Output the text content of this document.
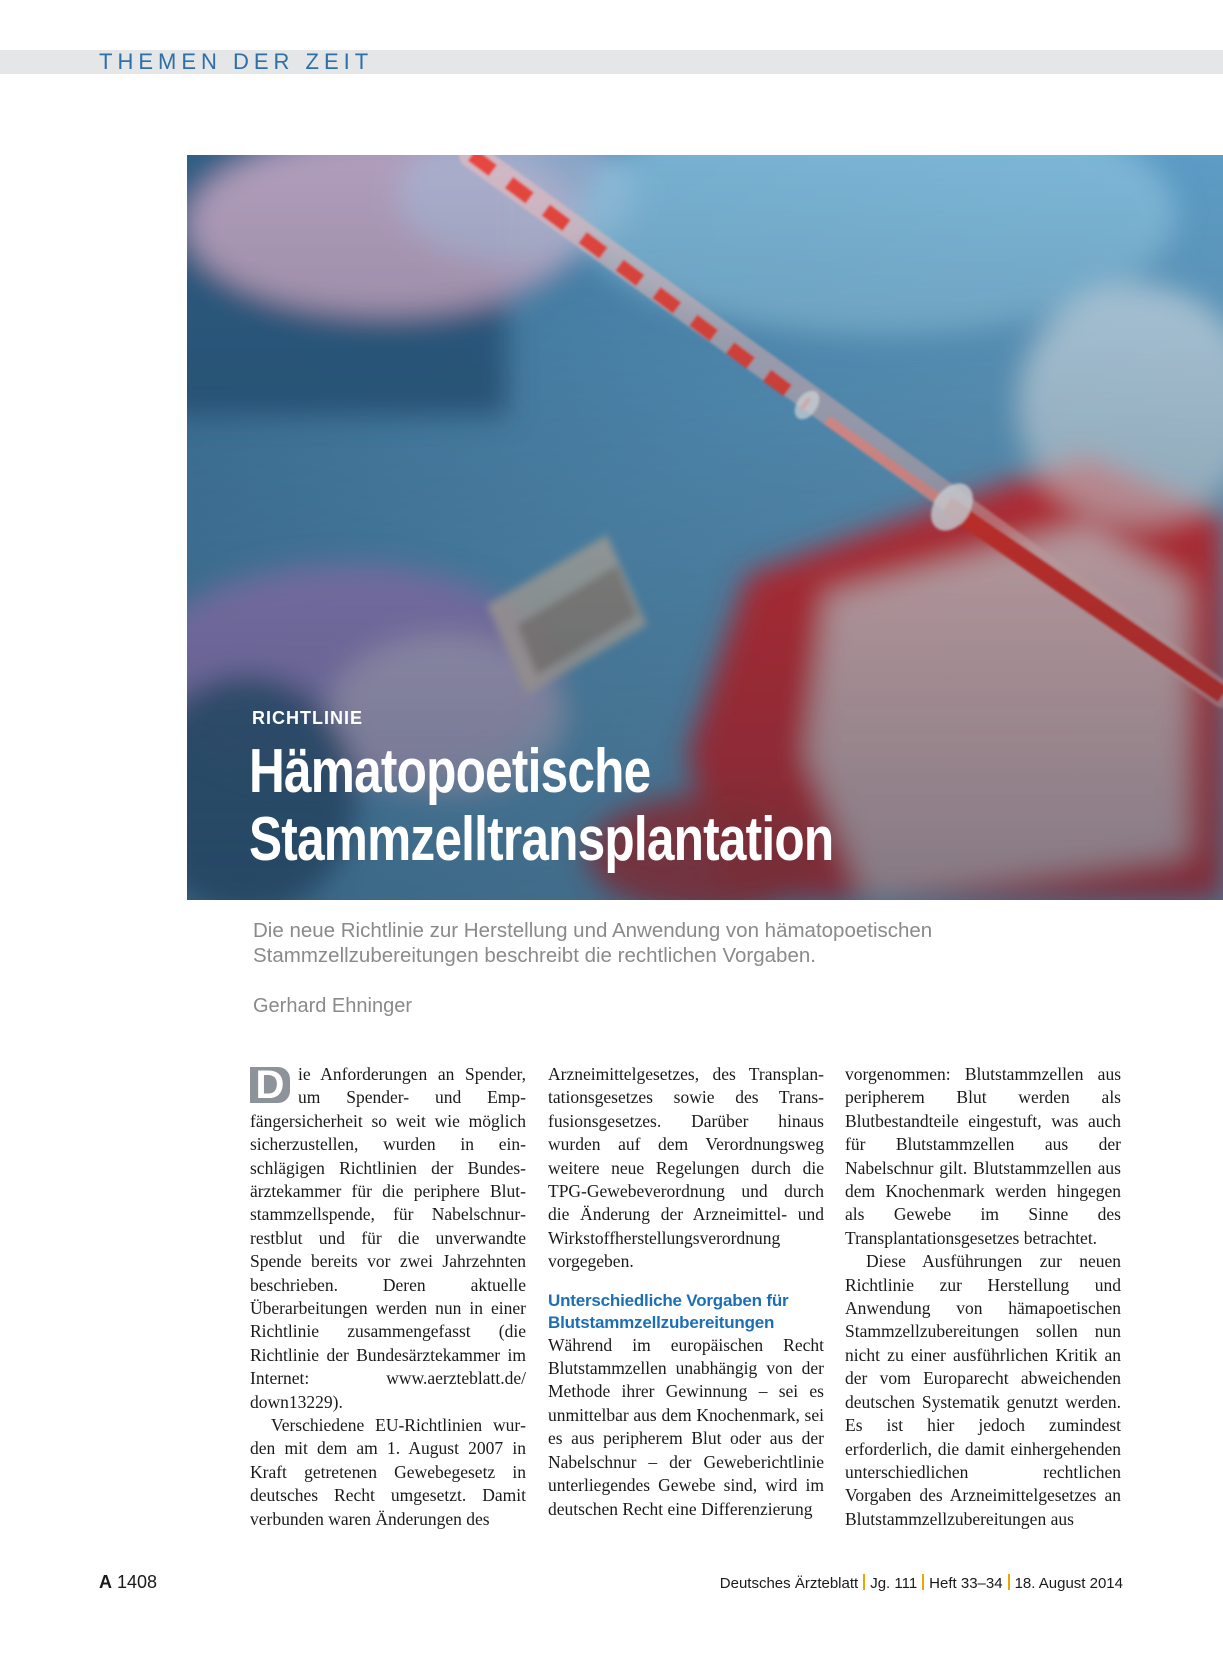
THEMEN DER ZEIT
RICHTLINIE
Hämatopoetische
Stammzelltransplantation
Die neue Richtlinie zur Herstellung und Anwendung von hämatopoetischen Stammzellzubereitungen beschreibt die rechtlichen Vorgaben.
Gerhard Ehninger

D ie Anforderungen an Spender, um Spender- und Empfängersicherheit so weit wie möglich sicherzustellen, wurden in einschlägigen Richtlinien der Bundesärztekammer für die periphere Blutstammzellspende, für Nabelschnurrestblut und für die unverwandte Spende bereits vor zwei Jahrzehnten beschrieben. Deren aktuelle Überarbeitungen werden nun in einer Richtlinie zusammengefasst (die Richtlinie der Bundesärztekammer im Internet: www.aerzteblatt.de/ down13229).

Verschiedene EU-Richtlinien wurden mit dem am 1. August 2007 in Kraft getretenen Gewebegesetz in deutsches Recht umgesetzt. Damit verbunden waren Änderungen des

vorgenommen: Blutstammzellen aus peripherem Blut werden als Blutbestandteile eingestuft, was auch für Blutstammzellen aus der Nabelschnur gilt. Blutstammzellen aus dem Knochenmark werden hingegen als Gewebe im Sinne des Transplantationsgesetzes betrachtet.

Diese Ausführungen zur neuen Richtlinie zur Herstellung und Anwendung von hämapoetischen Stammzellzubereitungen sollen nun nicht zu einer ausführlichen Kritik an der vom Europarecht abweichenden deutschen Systematik genutzt werden. Es ist hier jedoch zumindest erforderlich, die damit einhergehenden unterschiedlichen rechtlichen Vorgaben des Arzneimittelgesetzes an Blutstammzellzubereitungen aus

Arzneimittelgesetzes, des Transplantationsgesetzes sowie des Transfusionsgesetzes. Darüber hinaus wurden auf dem Verordnungsweg weitere neue Regelungen durch die TPG-Gewebeverordnung und durch die Änderung der Arzneimittel- und Wirkstoffherstellungsverordnung vorgegeben.

Unterschiedliche Vorgaben für Blutstammzellzubereitungen

Während im europäischen Recht Blutstammzellen unabhängig von der Methode ihrer Gewinnung – sei es unmittelbar aus dem Knochenmark, sei es aus peripherem Blut oder aus der Nabelschnur – der Geweberichtlinie unterliegendes Gewebe sind, wird im deutschen Recht eine Differenzierung

A 1408	Deutsches Ärzteblatt Jg. 111 Heft 33–34 18. August 2014
